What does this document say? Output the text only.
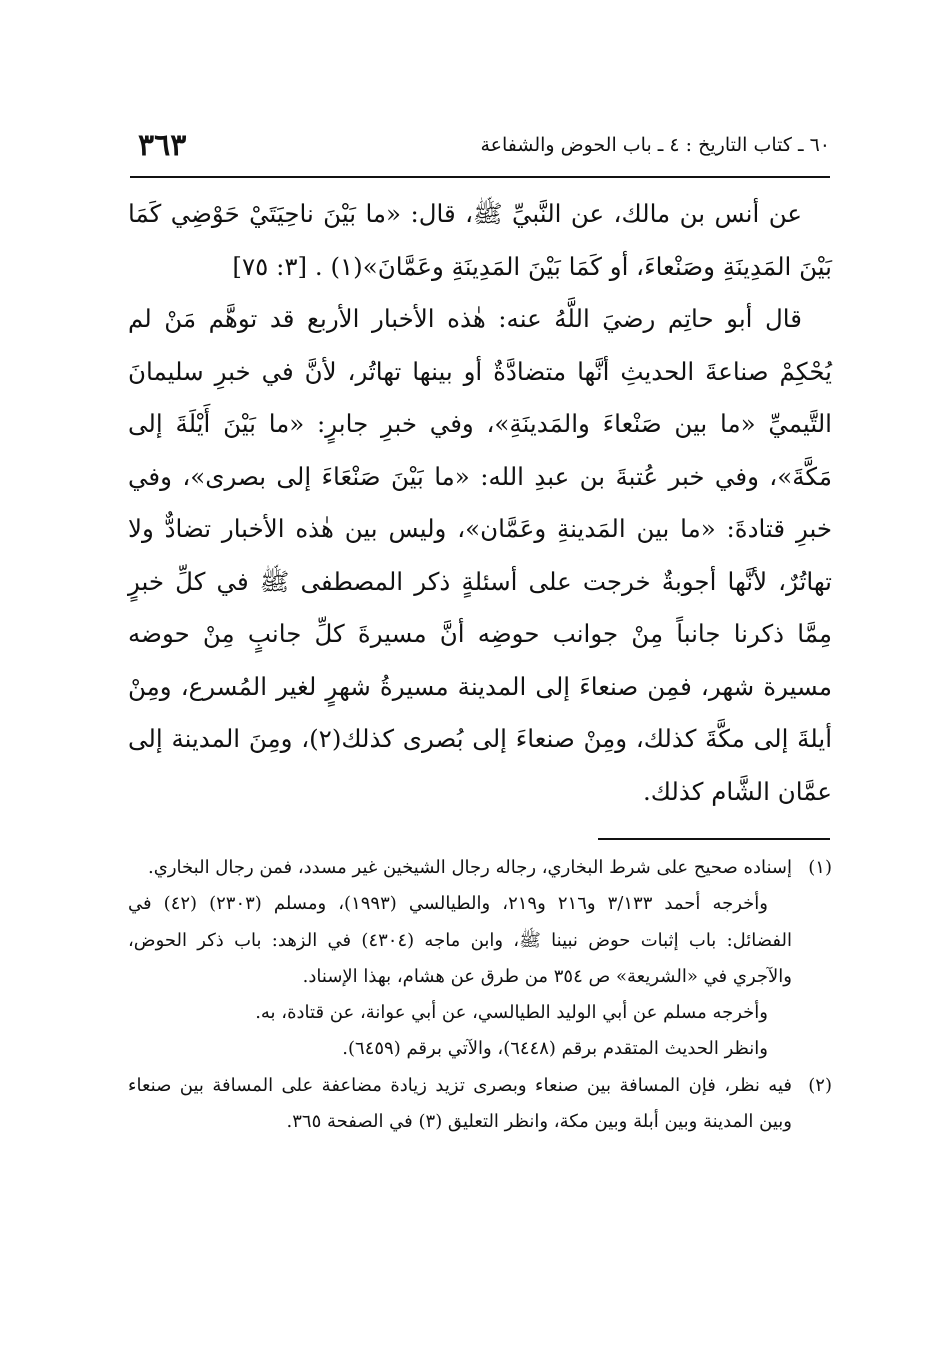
٦٠ ـ كتاب التاريخ : ٤ ـ باب الحوض والشفاعة
٣٦٣

عن أنس بن مالك، عن النَّبيِّ ﷺ، قال: «ما بَيْنَ ناحِيَتَيْ حَوْضِي كَمَا بَيْنَ المَدِينَةِ وصَنْعاءَ، أو كَمَا بَيْنَ المَدِينَةِ وعَمَّانَ»(١) . [٣: ٧٥]

قال أبو حاتِم رضيَ اللَّهُ عنه: هٰذه الأخبار الأربع قد توهَّم مَنْ لم يُحْكِمْ صناعةَ الحديثِ أنَّها متضادَّةٌ أو بينها تهاتُر، لأنَّ في خبرِ سليمانَ التَّيميِّ «ما بين صَنْعاءَ والمَدينَةِ»، وفي خبرِ جابرٍ: «ما بَيْنَ أَيْلَةَ إلى مَكَّةَ»، وفي خبر عُتبةَ بن عبدِ الله: «ما بَيْنَ صَنْعَاءَ إلى بصرى»، وفي خبرِ قتادةَ: «ما بين المَدينةِ وعَمَّان»، وليس بين هٰذه الأخبار تضادٌّ ولا تهاتُرٌ، لأنَّها أجوبةٌ خرجت على أسئلةٍ ذكر المصطفى ﷺ في كلِّ خبرٍ مِمَّا ذكرنا جانباً مِنْ جوانب حوضِه أنَّ مسيرةَ كلِّ جانبٍ مِنْ حوضه مسيرة شهر، فمِن صنعاءَ إلى المدينة مسيرةُ شهرٍ لغير المُسرع، ومِنْ أيلةَ إلى مكَّةَ كذلك، ومِنْ صنعاءَ إلى بُصرى كذلك(٢)، ومِنَ المدينة إلى عمَّان الشَّام كذلك.

(١)

إسناده صحيح على شرط البخاري، رجاله رجال الشيخين غير مسدد، فمن رجال البخاري.

وأخرجه أحمد ٣/١٣٣ و٢١٦ و٢١٩، والطيالسي (١٩٩٣)، ومسلم (٢٣٠٣) (٤٢) في الفضائل: باب إثبات حوض نبينا ﷺ، وابن ماجه (٤٣٠٤) في الزهد: باب ذكر الحوض، والآجري في «الشريعة» ص ٣٥٤ من طرق عن هشام، بهذا الإسناد.

وأخرجه مسلم عن أبي الوليد الطيالسي، عن أبي عوانة، عن قتادة، به.

وانظر الحديث المتقدم برقم (٦٤٤٨)، والآتي برقم (٦٤٥٩).

(٢)

فيه نظر، فإن المسافة بين صنعاء وبصرى تزيد زيادة مضاعفة على المسافة بين صنعاء وبين المدينة وبين أبلة وبين مكة، وانظر التعليق (٣) في الصفحة ٣٦٥.
